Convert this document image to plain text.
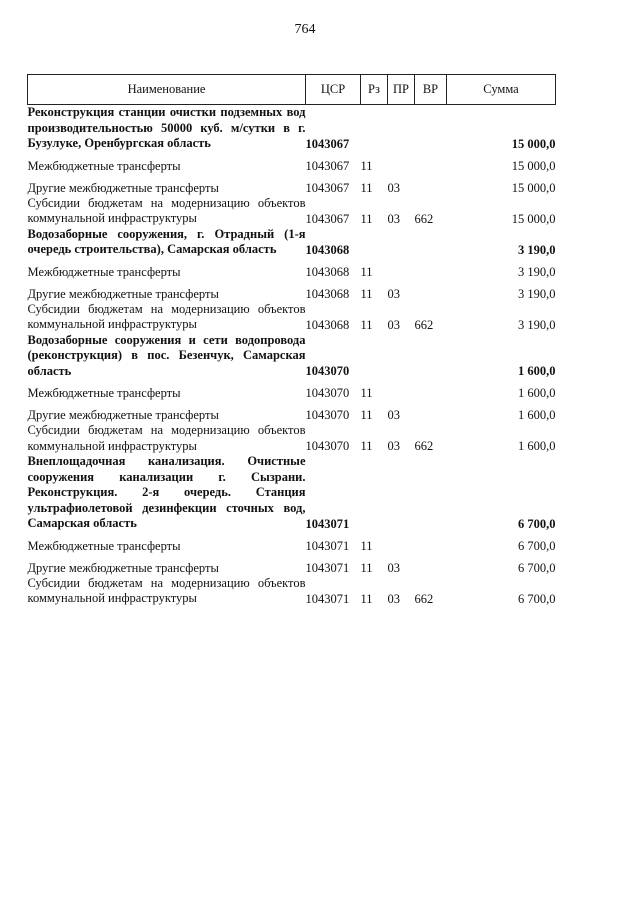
764
Наименование	ЦСР	Рз	ПР	ВР	Сумма
Реконструкция станции очистки подземных вод производительностью 50000 куб. м/сутки в г. Бузулуке, Оренбургская область	1043067				15 000,0
Межбюджетные трансферты	1043067	11			15 000,0
Другие межбюджетные трансферты	1043067	11	03		15 000,0
Субсидии бюджетам на модернизацию объектов коммунальной инфраструктуры	1043067	11	03	662	15 000,0
Водозаборные сооружения, г. Отрадный (1-я очередь строительства), Самарская область	1043068				3 190,0
Межбюджетные трансферты	1043068	11			3 190,0
Другие межбюджетные трансферты	1043068	11	03		3 190,0
Субсидии бюджетам на модернизацию объектов коммунальной инфраструктуры	1043068	11	03	662	3 190,0
Водозаборные сооружения и сети водопровода (реконструкция) в пос. Безенчук, Самарская область	1043070				1 600,0
Межбюджетные трансферты	1043070	11			1 600,0
Другие межбюджетные трансферты	1043070	11	03		1 600,0
Субсидии бюджетам на модернизацию объектов коммунальной инфраструктуры	1043070	11	03	662	1 600,0
Внеплощадочная канализация. Очистные сооружения канализации г. Сызрани. Реконструкция. 2-я очередь. Станция ультрафиолетовой дезинфекции сточных вод, Самарская область	1043071				6 700,0
Межбюджетные трансферты	1043071	11			6 700,0
Другие межбюджетные трансферты	1043071	11	03		6 700,0
Субсидии бюджетам на модернизацию объектов коммунальной инфраструктуры	1043071	11	03	662	6 700,0
